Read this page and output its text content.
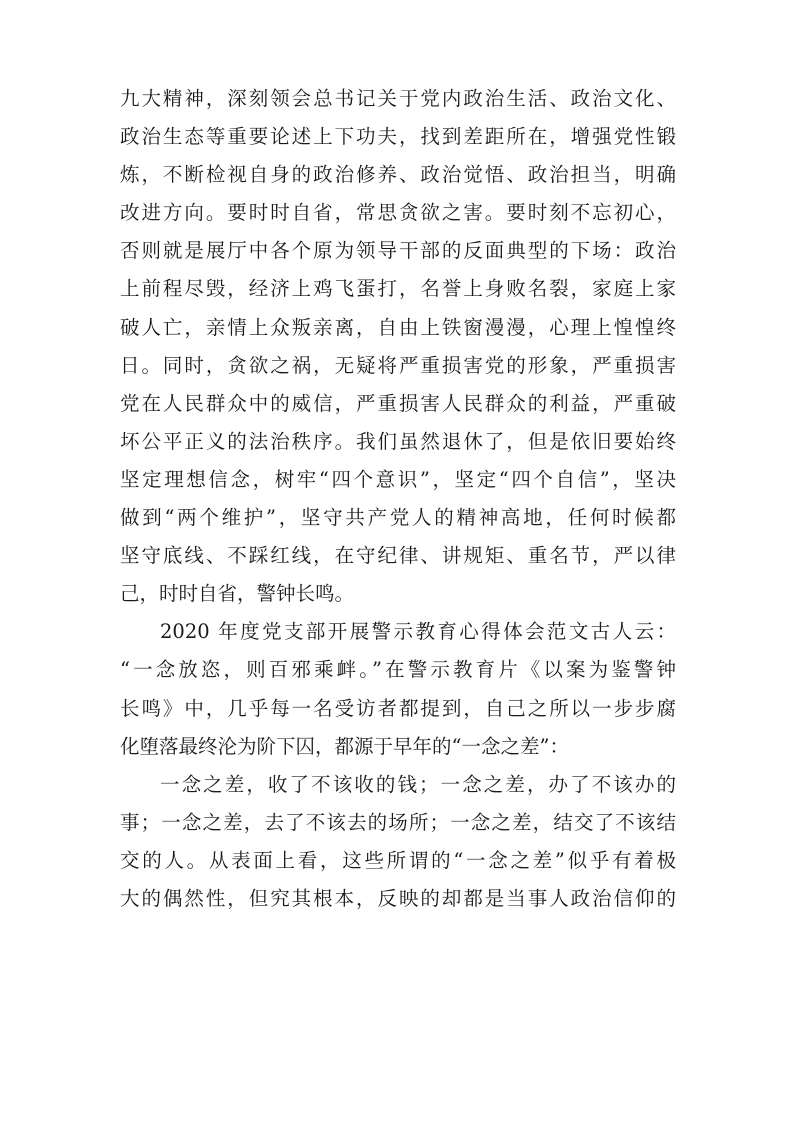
九大精神，深刻领会总书记关于党内政治生活、政治文化、
政治生态等重要论述上下功夫，找到差距所在，增强党性锻
炼，不断检视自身的政治修养、政治觉悟、政治担当，明确
改进方向。要时时自省，常思贪欲之害。要时刻不忘初心，
否则就是展厅中各个原为领导干部的反面典型的下场：政治
上前程尽毁，经济上鸡飞蛋打，名誉上身败名裂，家庭上家
破人亡，亲情上众叛亲离，自由上铁窗漫漫，心理上惶惶终
日。同时，贪欲之祸，无疑将严重损害党的形象，严重损害
党在人民群众中的威信，严重损害人民群众的利益，严重破
坏公平正义的法治秩序。我们虽然退休了，但是依旧要始终
坚定理想信念，树牢“四个意识”，坚定“四个自信”，坚决
做到“两个维护”，坚守共产党人的精神高地，任何时候都
坚守底线、不踩红线，在守纪律、讲规矩、重名节，严以律
己，时时自省，警钟长鸣。
2020 年度党支部开展警示教育心得体会范文古人云：
“一念放恣，则百邪乘衅。”在警示教育片《以案为鉴警钟
长鸣》中，几乎每一名受访者都提到，自己之所以一步步腐
化堕落最终沦为阶下囚，都源于早年的“一念之差”：
一念之差，收了不该收的钱；一念之差，办了不该办的
事；一念之差，去了不该去的场所；一念之差，结交了不该结
交的人。从表面上看，这些所谓的“一念之差”似乎有着极
大的偶然性，但究其根本，反映的却都是当事人政治信仰的
